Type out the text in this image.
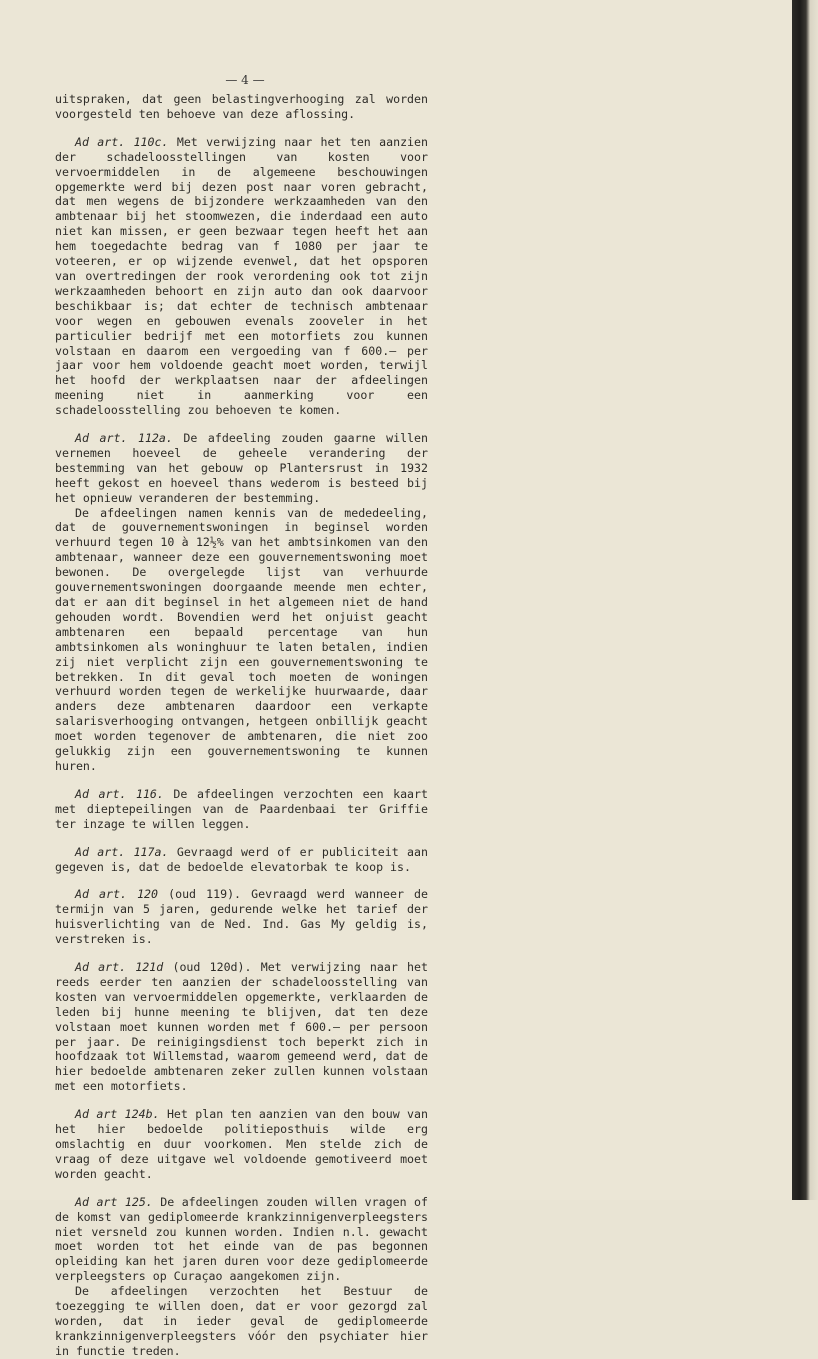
— 4 —

uitspraken, dat geen belastingverhooging zal worden voorgesteld ten behoeve van deze aflossing.

Ad art. 110c. Met verwijzing naar het ten aanzien der schadeloosstellingen van kosten voor vervoermiddelen in de algemeene beschouwingen opgemerkte werd bij dezen post naar voren gebracht, dat men wegens de bijzondere werkzaamheden van den ambtenaar bij het stoomwezen, die inderdaad een auto niet kan missen, er geen bezwaar tegen heeft het aan hem toegedachte bedrag van f 1080 per jaar te voteeren, er op wijzende evenwel, dat het opsporen van overtredingen der rook verordening ook tot zijn werkzaamheden behoort en zijn auto dan ook daarvoor beschikbaar is; dat echter de technisch ambtenaar voor wegen en gebouwen evenals zooveler in het particulier bedrijf met een motorfiets zou kunnen volstaan en daarom een vergoeding van f 600.— per jaar voor hem voldoende geacht moet worden, terwijl het hoofd der werkplaatsen naar der afdeelingen meening niet in aanmerking voor een schadeloosstelling zou behoeven te komen.

Ad art. 112a. De afdeeling zouden gaarne willen vernemen hoeveel de geheele verandering der bestemming van het gebouw op Plantersrust in 1932 heeft gekost en hoeveel thans wederom is besteed bij het opnieuw veranderen der bestemming.

De afdeelingen namen kennis van de mededeeling, dat de gouvernementswoningen in beginsel worden verhuurd tegen 10 à 12½% van het ambtsinkomen van den ambtenaar, wanneer deze een gouvernementswoning moet bewonen. De overgelegde lijst van verhuurde gouvernementswoningen doorgaande meende men echter, dat er aan dit beginsel in het algemeen niet de hand gehouden wordt. Bovendien werd het onjuist geacht ambtenaren een bepaald percentage van hun ambtsinkomen als woninghuur te laten betalen, indien zij niet verplicht zijn een gouvernementswoning te betrekken. In dit geval toch moeten de woningen verhuurd worden tegen de werkelijke huurwaarde, daar anders deze ambtenaren daardoor een verkapte salarisverhooging ontvangen, hetgeen onbillijk geacht moet worden tegenover de ambtenaren, die niet zoo gelukkig zijn een gouvernementswoning te kunnen huren.

Ad art. 116. De afdeelingen verzochten een kaart met dieptepeilingen van de Paardenbaai ter Griffie ter inzage te willen leggen.

Ad art. 117a. Gevraagd werd of er publiciteit aan gegeven is, dat de bedoelde elevatorbak te koop is.

Ad art. 120 (oud 119). Gevraagd werd wanneer de termijn van 5 jaren, gedurende welke het tarief der huisverlichting van de Ned. Ind. Gas My geldig is, verstreken is.

Ad art. 121d (oud 120d). Met verwijzing naar het reeds eerder ten aanzien der schadeloosstelling van kosten van vervoermiddelen opgemerkte, verklaarden de leden bij hunne meening te blijven, dat ten deze volstaan moet kunnen worden met f 600.— per persoon per jaar. De reinigingsdienst toch beperkt zich in hoofdzaak tot Willemstad, waarom gemeend werd, dat de hier bedoelde ambtenaren zeker zullen kunnen volstaan met een motorfiets.

Ad art 124b. Het plan ten aanzien van den bouw van het hier bedoelde politieposthuis wilde erg omslachtig en duur voorkomen. Men stelde zich de vraag of deze uitgave wel voldoende gemotiveerd moet worden geacht.

Ad art 125. De afdeelingen zouden willen vragen of de komst van gediplomeerde krankzinnigenverpleegsters niet versneld zou kunnen worden. Indien n.l. gewacht moet worden tot het einde van de pas begonnen opleiding kan het jaren duren voor deze gediplomeerde verpleegsters op Curaçao aangekomen zijn.

De afdeelingen verzochten het Bestuur de toezegging te willen doen, dat er voor gezorgd zal worden, dat in ieder geval de gediplomeerde krankzinnigenverpleegsters vóór den psychiater hier in functie treden.
